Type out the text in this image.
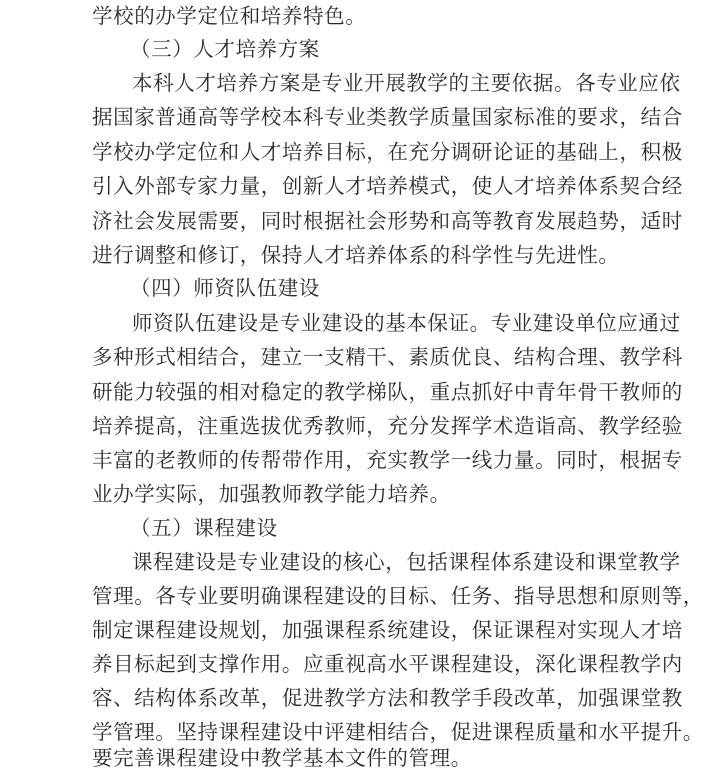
学校的办学定位和培养特色。
（三）人才培养方案
本科人才培养方案是专业开展教学的主要依据。各专业应依
据国家普通高等学校本科专业类教学质量国家标准的要求，结合
学校办学定位和人才培养目标，在充分调研论证的基础上，积极
引入外部专家力量，创新人才培养模式，使人才培养体系契合经
济社会发展需要，同时根据社会形势和高等教育发展趋势，适时
进行调整和修订，保持人才培养体系的科学性与先进性。
（四）师资队伍建设
师资队伍建设是专业建设的基本保证。专业建设单位应通过
多种形式相结合，建立一支精干、素质优良、结构合理、教学科
研能力较强的相对稳定的教学梯队，重点抓好中青年骨干教师的
培养提高，注重选拔优秀教师，充分发挥学术造诣高、教学经验
丰富的老教师的传帮带作用，充实教学一线力量。同时，根据专
业办学实际，加强教师教学能力培养。
（五）课程建设
课程建设是专业建设的核心，包括课程体系建设和课堂教学
管理。各专业要明确课程建设的目标、任务、指导思想和原则等，
制定课程建设规划，加强课程系统建设，保证课程对实现人才培
养目标起到支撑作用。应重视高水平课程建设，深化课程教学内
容、结构体系改革，促进教学方法和教学手段改革，加强课堂教
学管理。坚持课程建设中评建相结合，促进课程质量和水平提升。
要完善课程建设中教学基本文件的管理。
